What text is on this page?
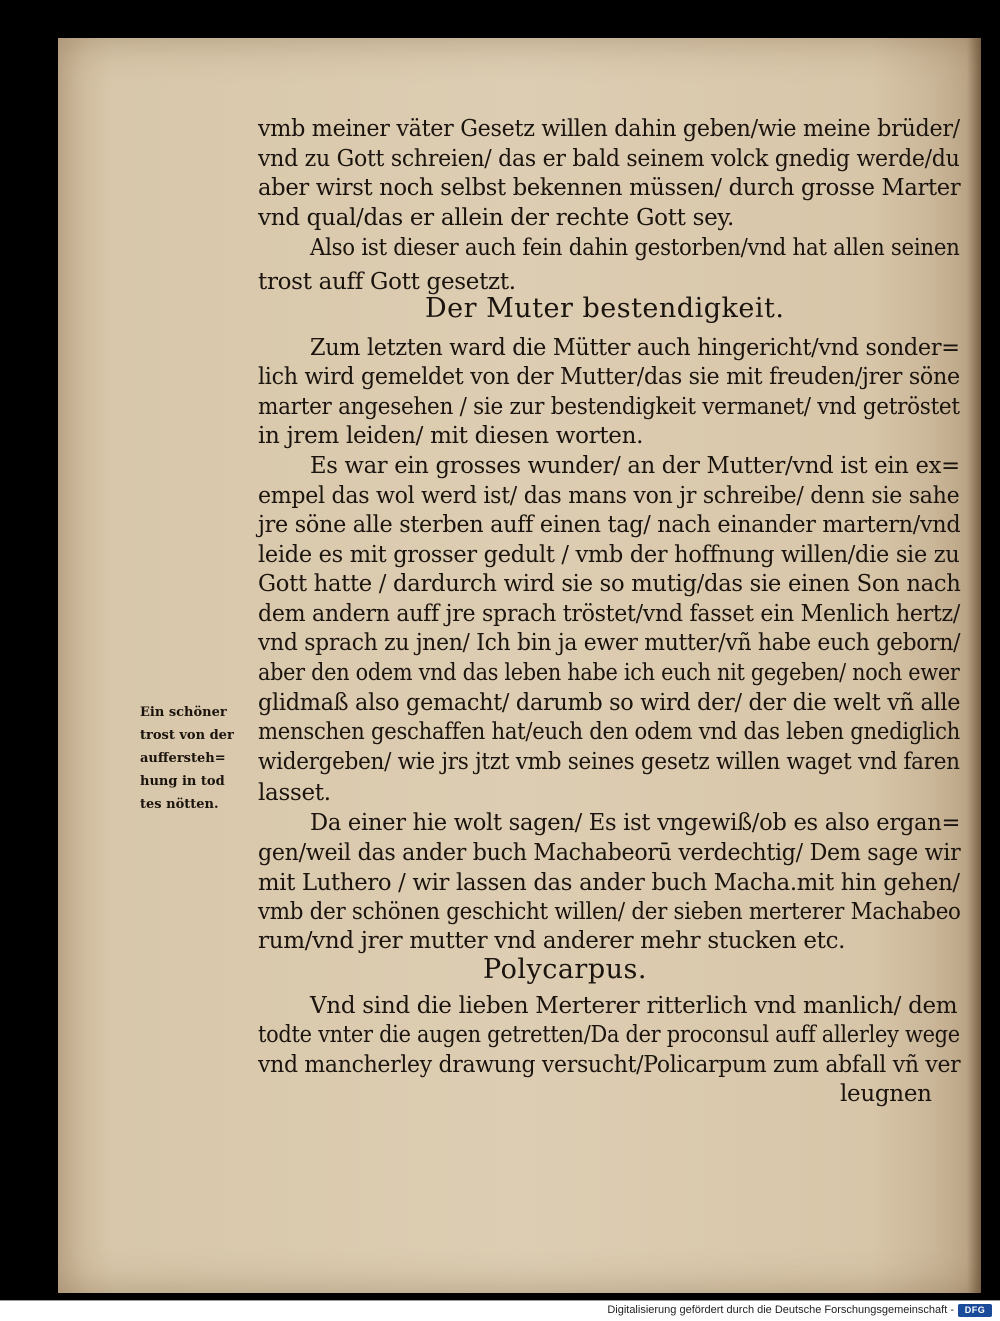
vmb meiner väter Gesetz willen dahin geben/wie meine brüder/
vnd zu Gott schreien/ das er bald seinem volck gnedig werde/du
aber wirst noch selbst bekennen müssen/ durch grosse Marter
vnd qual/das er allein der rechte Gott sey.
Also ist dieser auch fein dahin gestorben/vnd hat allen seinen
trost auff Gott gesetzt.
Der Muter bestendigkeit.
Zum letzten ward die Mütter auch hingericht/vnd sonder=
lich wird gemeldet von der Mutter/das sie mit freuden/jrer söne
marter angesehen / sie zur bestendigkeit vermanet/ vnd getröstet
in jrem leiden/ mit diesen worten.
Es war ein grosses wunder/ an der Mutter/vnd ist ein ex=
empel das wol werd ist/ das mans von jr schreibe/ denn sie sahe
jre söne alle sterben auff einen tag/ nach einander martern/vnd
leide es mit grosser gedult / vmb der hoffnung willen/die sie zu
Gott hatte / dardurch wird sie so mutig/das sie einen Son nach
dem andern auff jre sprach tröstet/vnd fasset ein Menlich hertz/
vnd sprach zu jnen/ Ich bin ja ewer mutter/vñ habe euch geborn/
aber den odem vnd das leben habe ich euch nit gegeben/ noch ewer
glidmaß also gemacht/ darumb so wird der/ der die welt vñ alle
menschen geschaffen hat/euch den odem vnd das leben gnediglich
widergeben/ wie jrs jtzt vmb seines gesetz willen waget vnd faren
lasset.
Da einer hie wolt sagen/ Es ist vngewiß/ob es also ergan=
gen/weil das ander buch Machabeorū verdechtig/ Dem sage wir
mit Luthero / wir lassen das ander buch Macha.mit hin gehen/
vmb der schönen geschicht willen/ der sieben merterer Machabeo
rum/vnd jrer mutter vnd anderer mehr stucken etc.
Polycarpus.
Vnd sind die lieben Merterer ritterlich vnd manlich/ dem
todte vnter die augen getretten/Da der proconsul auff allerley wege
vnd mancherley drawung versucht/Policarpum zum abfall vñ ver
leugnen
Ein schöner
trost von der
auffersteh=
hung in tod
tes nötten.
Digitalisierung gefördert durch die Deutsche Forschungsgemeinschaft -	DFG
